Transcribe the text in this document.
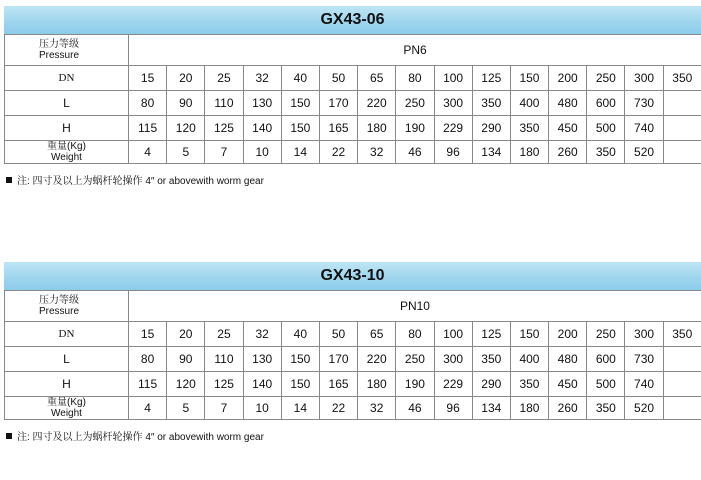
GX43-06
压力等级
Pressure	PN6														
DN	15	20	25	32	40	50	65	80	100	125	150	200	250	300	350
L	80	90	110	130	150	170	220	250	300	350	400	480	600	730	
H	115	120	125	140	150	165	180	190	229	290	350	450	500	740	

重量(Kg)
Weight	4	5	7	10	14	22	32	46	96	134	180	260	350	520	
注: 四寸及以上为蜗杆轮操作 4″ or abovewith worm gear
GX43-10
压力等级
Pressure	PN10														
DN	15	20	25	32	40	50	65	80	100	125	150	200	250	300	350
L	80	90	110	130	150	170	220	250	300	350	400	480	600	730	
H	115	120	125	140	150	165	180	190	229	290	350	450	500	740	

重量(Kg)
Weight	4	5	7	10	14	22	32	46	96	134	180	260	350	520	
注: 四寸及以上为蜗杆轮操作 4″ or abovewith worm gear
